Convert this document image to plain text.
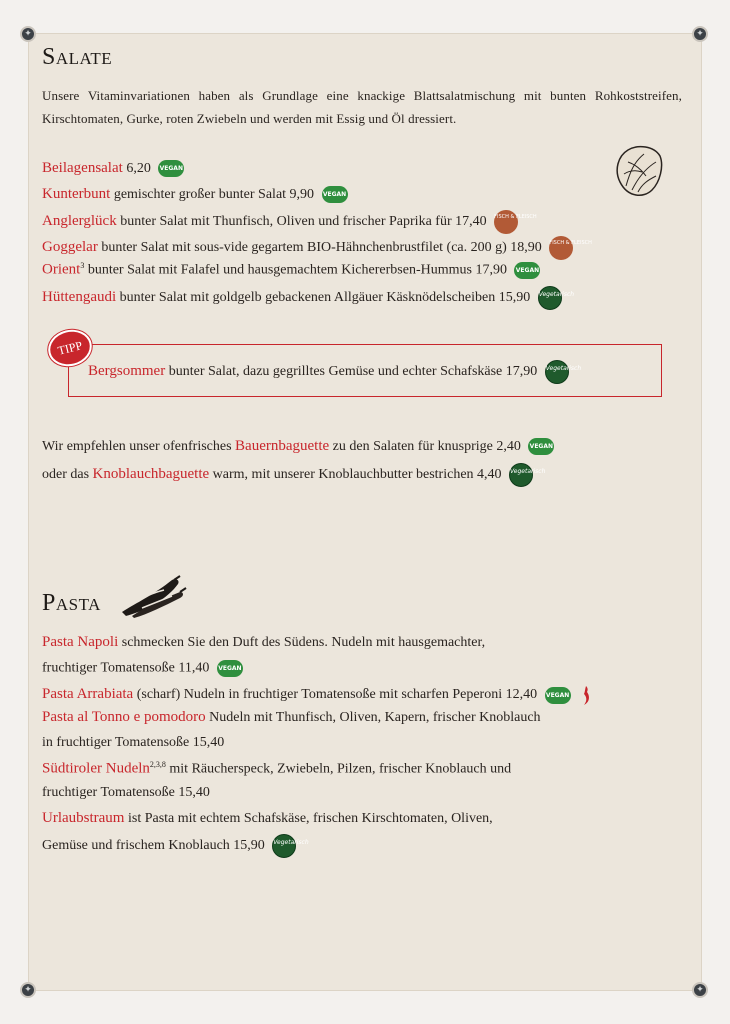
✦	✦
✦	✦
Salate

Unsere Vitaminvariationen haben als Grundlage eine knackige Blattsalatmischung mit bunten Rohkoststreifen, Kirschtomaten, Gurke, roten Zwiebeln und werden mit Essig und Öl dressiert.

Beilagensalat 6,20 VEGAN
Kunterbunt gemischter großer bunter Salat 9,90 VEGAN
Anglerglück bunter Salat mit Thunfisch, Oliven und frischer Paprika für 17,40 FISCH & FLEISCH
Goggelar bunter Salat mit sous-vide gegartem BIO-Hähnchenbrustfilet (ca. 200 g) 18,90 FISCH & FLEISCH
Orient$^3$ bunter Salat mit Falafel und hausgemachtem Kichererbsen-Hummus 17,90 VEGAN
Hüttengaudi bunter Salat mit goldgelb gebackenen Allgäuer Käsknödelscheiben 15,90 Vegetarisch
TIPP
Bergsommer bunter Salat, dazu gegrilltes Gemüse und echter Schafskäse 17,90 Vegetarisch
Wir empfehlen unser ofenfrisches Bauernbaguette zu den Salaten für knusprige 2,40 VEGAN
oder das Knoblauchbaguette warm, mit unserer Knoblauchbutter bestrichen 4,40 Vegetarisch
Pasta
Pasta Napoli schmecken Sie den Duft des Südens. Nudeln mit hausgemachter,
fruchtiger Tomatensoße 11,40 VEGAN
Pasta Arrabiata (scharf) Nudeln in fruchtiger Tomatensoße mit scharfen Peperoni 12,40 VEGAN
Pasta al Tonno e pomodoro Nudeln mit Thunfisch, Oliven, Kapern, frischer Knoblauch
in fruchtiger Tomatensoße 15,40
Südtiroler Nudeln$^{2,3,8}$ mit Räucherspeck, Zwiebeln, Pilzen, frischer Knoblauch und
fruchtiger Tomatensoße 15,40
Urlaubstraum ist Pasta mit echtem Schafskäse, frischen Kirschtomaten, Oliven,
Gemüse und frischem Knoblauch 15,90 Vegetarisch
